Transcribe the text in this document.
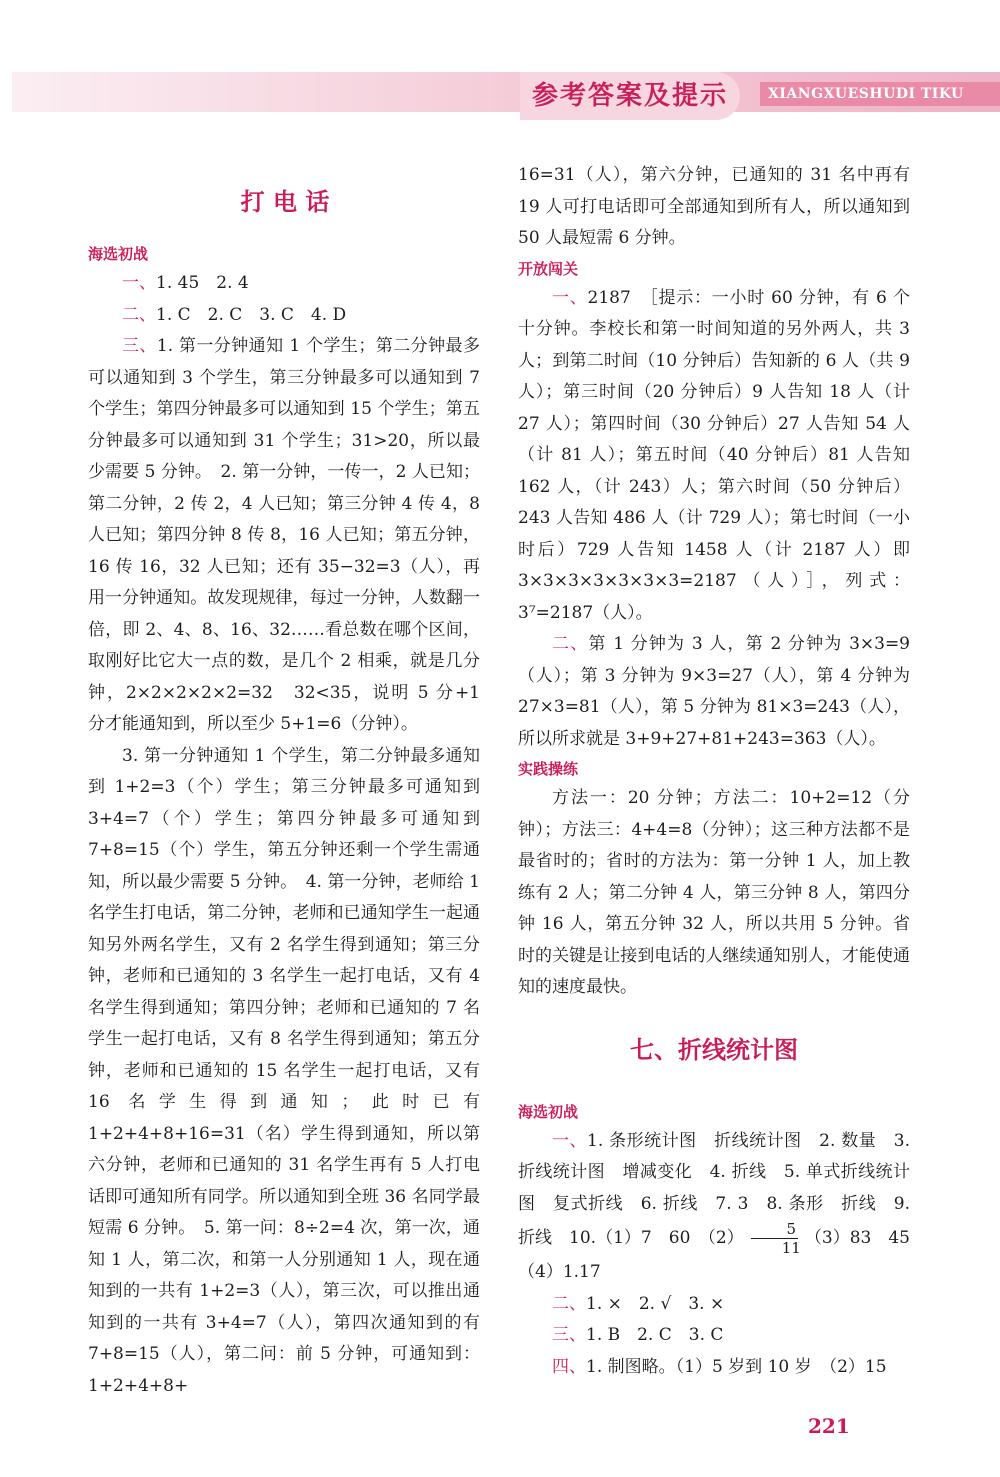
参考答案及提示	XIANGXUESHUDI TIKU
打 电 话

海选初战

一、1. 45　2. 4

二、1. C　2. C　3. C　4. D

三、1. 第一分钟通知 1 个学生；第二分钟最多可以通知到 3 个学生，第三分钟最多可以通知到 7 个学生；第四分钟最多可以通知到 15 个学生；第五分钟最多可以通知到 31 个学生；31>20，所以最少需要 5 分钟。　2. 第一分钟，一传一，2 人已知；第二分钟，2 传 2，4 人已知；第三分钟 4 传 4，8 人已知；第四分钟 8 传 8，16 人已知；第五分钟，16 传 16，32 人已知；还有 35−32=3（人），再用一分钟通知。故发现规律，每过一分钟，人数翻一倍，即 2、4、8、16、32……看总数在哪个区间，取刚好比它大一点的数，是几个 2 相乘，就是几分钟，2×2×2×2×2=32　32<35，说明 5 分+1 分才能通知到，所以至少 5+1=6（分钟）。

3. 第一分钟通知 1 个学生，第二分钟最多通知到 1+2=3（个）学生；第三分钟最多可通知到 3+4=7（个）学生；第四分钟最多可通知到 7+8=15（个）学生，第五分钟还剩一个学生需通知，所以最少需要 5 分钟。　4. 第一分钟，老师给 1 名学生打电话，第二分钟，老师和已通知学生一起通知另外两名学生，又有 2 名学生得到通知；第三分钟，老师和已通知的 3 名学生一起打电话，又有 4 名学生得到通知；第四分钟；老师和已通知的 7 名学生一起打电话，又有 8 名学生得到通知；第五分钟，老师和已通知的 15 名学生一起打电话，又有 16 名学生得到通知；此时已有 1+2+4+8+16=31（名）学生得到通知，所以第六分钟，老师和已通知的 31 名学生再有 5 人打电话即可通知所有同学。所以通知到全班 36 名同学最短需 6 分钟。　5. 第一问：8÷2=4 次，第一次，通知 1 人，第二次，和第一人分别通知 1 人，现在通知到的一共有 1+2=3（人），第三次，可以推出通知到的一共有 3+4=7（人），第四次通知到的有 7+8=15（人），第二问：前 5 分钟，可通知到：1+2+4+8+

16=31（人），第六分钟，已通知的 31 名中再有 19 人可打电话即可全部通知到所有人，所以通知到 50 人最短需 6 分钟。

开放闯关

一、2187　［提示：一小时 60 分钟，有 6 个十分钟。李校长和第一时间知道的另外两人，共 3 人；到第二时间（10 分钟后）告知新的 6 人（共 9 人）；第三时间（20 分钟后）9 人告知 18 人（计 27 人）；第四时间（30 分钟后）27 人告知 54 人（计 81 人）；第五时间（40 分钟后）81 人告知 162 人，（计 243）人；第六时间（50 分钟后）243 人告知 486 人（计 729 人）；第七时间（一小时后）729 人告知 1458 人（计 2187 人）即 3×3×3×3×3×3×3=2187（人）］，列式：3⁷=2187（人）。

二、第 1 分钟为 3 人，第 2 分钟为 3×3=9（人）；第 3 分钟为 9×3=27（人），第 4 分钟为 27×3=81（人），第 5 分钟为 81×3=243（人），所以所求就是 3+9+27+81+243=363（人）。

实践操练

方法一：20 分钟；方法二：10+2=12（分钟）；方法三：4+4=8（分钟）；这三种方法都不是最省时的；省时的方法为：第一分钟 1 人，加上教练有 2 人；第二分钟 4 人，第三分钟 8 人，第四分钟 16 人，第五分钟 32 人，所以共用 5 分钟。省时的关键是让接到电话的人继续通知别人，才能使通知的速度最快。

七、折线统计图

海选初战

一、1. 条形统计图　折线统计图　2. 数量　3. 折线统计图　增减变化　4. 折线　5. 单式折线统计图　复式折线　6. 折线　7. 3　8. 条形　折线　9. 折线　10.（1）7　60　$(2) \frac{5}{11} (3)83$　45　（4）1.17

二、1. ×　2. √　3. ×

三、1. B　2. C　3. C

四、1. 制图略。（1）5 岁到 10 岁　（2）15

221
